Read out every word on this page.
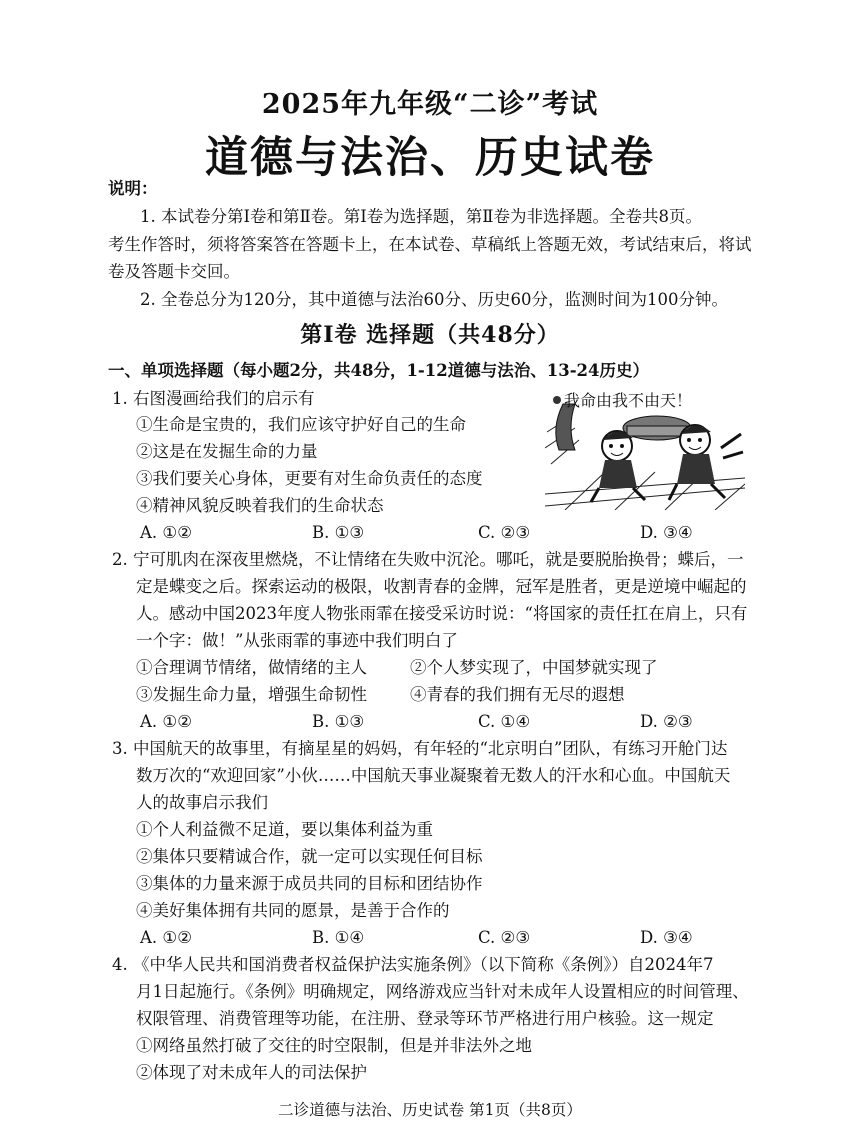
2025年九年级“二诊”考试
道德与法治、历史试卷
说明：
1. 本试卷分第Ⅰ卷和第Ⅱ卷。第Ⅰ卷为选择题，第Ⅱ卷为非选择题。全卷共8页。
考生作答时，须将答案答在答题卡上，在本试卷、草稿纸上答题无效，考试结束后，将试
卷及答题卡交回。
2. 全卷总分为120分，其中道德与法治60分、历史60分，监测时间为100分钟。
第Ⅰ卷 选择题（共48分）
一、单项选择题（每小题2分，共48分，1-12道德与法治、13-24历史）
1. 右图漫画给我们的启示有
①生命是宝贵的，我们应该守护好自己的生命
②这是在发掘生命的力量
③我们要关心身体，更要有对生命负责任的态度
④精神风貌反映着我们的生命状态
A. ①②	B. ①③	C. ②③	D. ③④
我命由我不由天！
2. 宁可肌肉在深夜里燃烧，不让情绪在失败中沉沦。哪吒，就是要脱胎换骨；蝶后，一
定是蝶变之后。探索运动的极限，收割青春的金牌，冠军是胜者，更是逆境中崛起的
人。感动中国2023年度人物张雨霏在接受采访时说：“将国家的责任扛在肩上，只有
一个字：做！”从张雨霏的事迹中我们明白了
①合理调节情绪，做情绪的主人	②个人梦实现了，中国梦就实现了
③发掘生命力量，增强生命韧性	④青春的我们拥有无尽的遐想
A. ①②	B. ①③	C. ①④	D. ②③
3. 中国航天的故事里，有摘星星的妈妈，有年轻的“北京明白”团队，有练习开舱门达
数万次的“欢迎回家”小伙……中国航天事业凝聚着无数人的汗水和心血。中国航天
人的故事启示我们
①个人利益微不足道，要以集体利益为重
②集体只要精诚合作，就一定可以实现任何目标
③集体的力量来源于成员共同的目标和团结协作
④美好集体拥有共同的愿景，是善于合作的
A. ①②	B. ①④	C. ②③	D. ③④
4. 《中华人民共和国消费者权益保护法实施条例》（以下简称《条例》）自2024年7
月1日起施行。《条例》明确规定，网络游戏应当针对未成年人设置相应的时间管理、
权限管理、消费管理等功能，在注册、登录等环节严格进行用户核验。这一规定
①网络虽然打破了交往的时空限制，但是并非法外之地
②体现了对未成年人的司法保护
二诊道德与法治、历史试卷 第1页（共8页）
